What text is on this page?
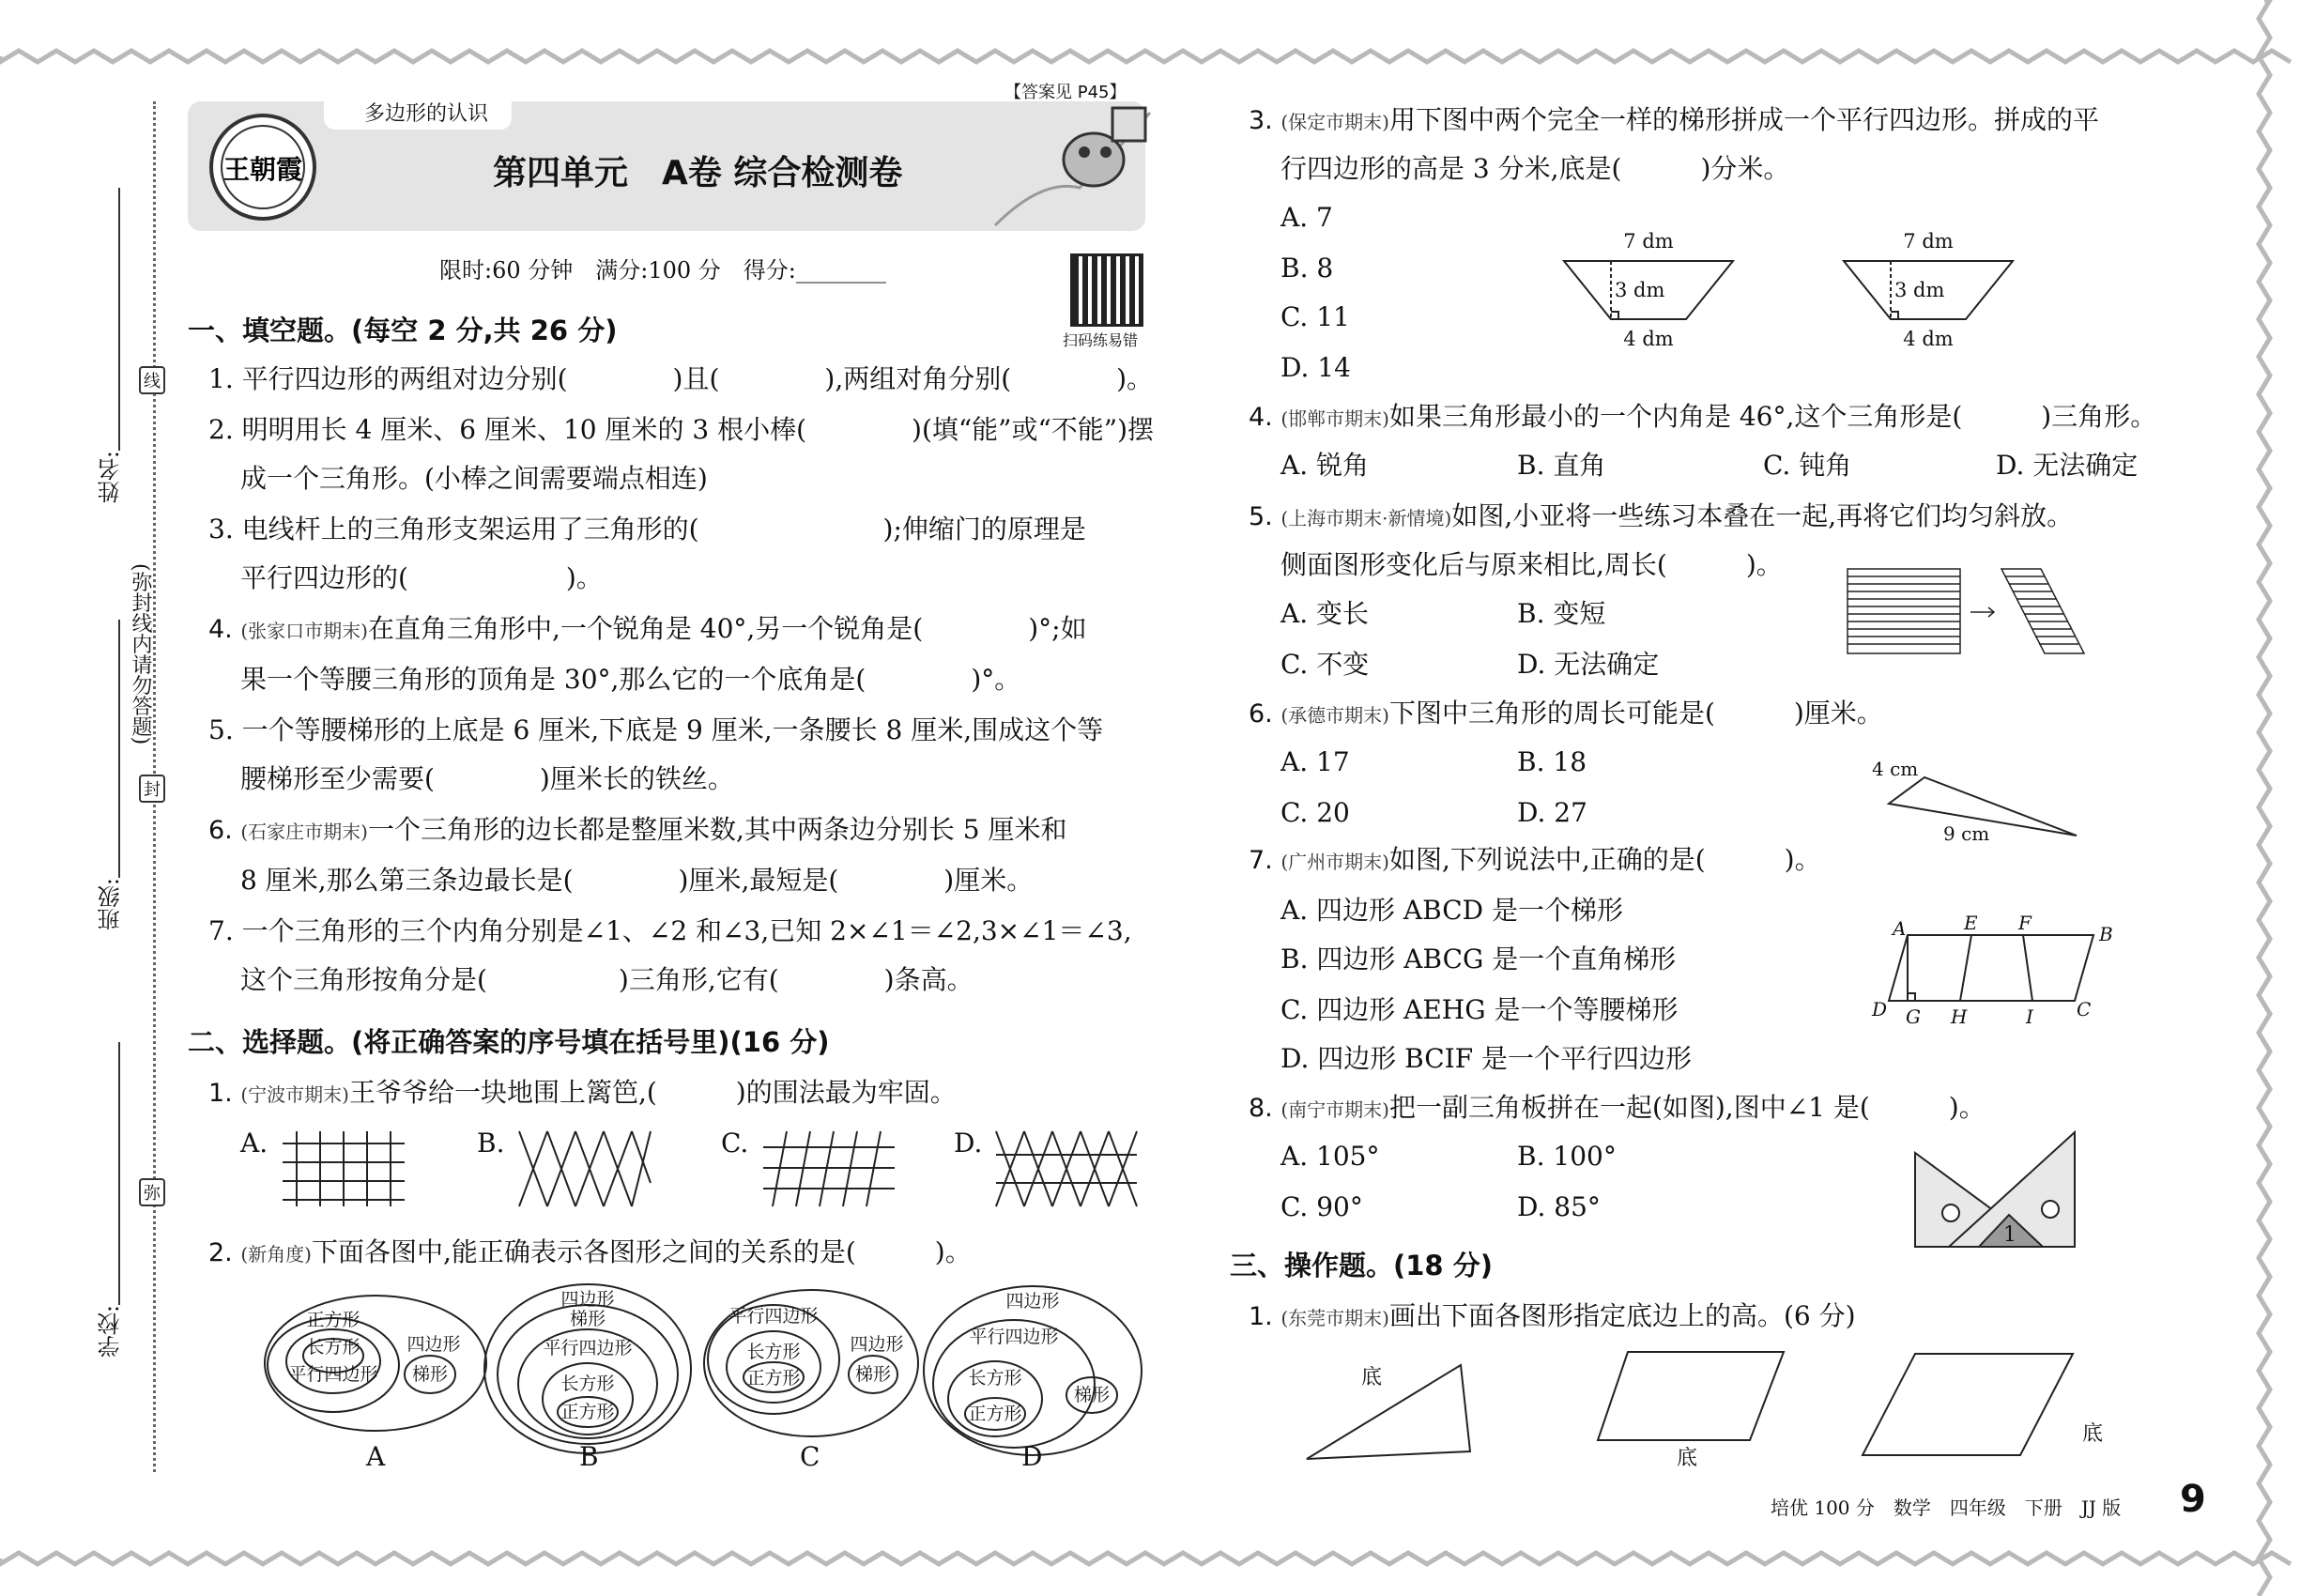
姓名:
班级:
学校:
(弥封线内请勿答题)
线
封
弥
多边形的认识
【答案见 P45】
第四单元　A卷 综合检测卷
王朝霞
限时:60 分钟　满分:100 分　得分:________
扫码练易错
一、填空题。(每空 2 分,共 26 分)
1. 平行四边形的两组对边分别(　　　　)且(　　　　),两组对角分别(　　　　)。
2. 明明用长 4 厘米、6 厘米、10 厘米的 3 根小棒(　　　　)(填“能”或“不能”)摆
成一个三角形。(小棒之间需要端点相连)
3. 电线杆上的三角形支架运用了三角形的(　　　　　　　);伸缩门的原理是
平行四边形的(　　　　　　)。
4. (张家口市期末)在直角三角形中,一个锐角是 40°,另一个锐角是(　　　　)°;如
果一个等腰三角形的顶角是 30°,那么它的一个底角是(　　　　)°。
5. 一个等腰梯形的上底是 6 厘米,下底是 9 厘米,一条腰长 8 厘米,围成这个等
腰梯形至少需要(　　　　)厘米长的铁丝。
6. (石家庄市期末)一个三角形的边长都是整厘米数,其中两条边分别长 5 厘米和
8 厘米,那么第三条边最长是(　　　　)厘米,最短是(　　　　)厘米。
7. 一个三角形的三个内角分别是∠1、∠2 和∠3,已知 2×∠1＝∠2,3×∠1＝∠3,
这个三角形按角分是(　　　　　)三角形,它有(　　　　)条高。
二、选择题。(将正确答案的序号填在括号里)(16 分)
1. (宁波市期末)王爷爷给一块地围上篱笆,(　　　)的围法最为牢固。
A.	B.	C.	D.
2. (新角度)下面各图中,能正确表示各图形之间的关系的是(　　　)。
正方形
长方形
平行四边形
四边形
梯形
四边形
梯形
平行四边形
长方形
正方形
平行四边形
长方形
正方形
四边形
梯形
四边形
平行四边形
长方形
正方形
梯形
A	B	C	D
3. (保定市期末)用下图中两个完全一样的梯形拼成一个平行四边形。拼成的平
行四边形的高是 3 分米,底是(　　　)分米。
A. 7
B. 8
C. 11
D. 14
7 dm
3 dm
4 dm
7 dm
3 dm
4 dm
4. (邯郸市期末)如果三角形最小的一个内角是 46°,这个三角形是(　　　)三角形。
A. 锐角	B. 直角	C. 钝角	D. 无法确定
5. (上海市期末·新情境)如图,小亚将一些练习本叠在一起,再将它们均匀斜放。
侧面图形变化后与原来相比,周长(　　　)。
A. 变长	B. 变短
C. 不变	D. 无法确定
6. (承德市期末)下图中三角形的周长可能是(　　　)厘米。
A. 17	B. 18
C. 20	D. 27
4 cm
9 cm
7. (广州市期末)如图,下列说法中,正确的是(　　　)。
A. 四边形 ABCD 是一个梯形
B. 四边形 ABCG 是一个直角梯形
C. 四边形 AEHG 是一个等腰梯形
D. 四边形 BCIF 是一个平行四边形
A	E F	B
D G H	I C
8. (南宁市期末)把一副三角板拼在一起(如图),图中∠1 是(　　　)。
A. 105°	B. 100°
C. 90°	D. 85°
1
三、操作题。(18 分)
1. (东莞市期末)画出下面各图形指定底边上的高。(6 分)
底
底
底
培优 100 分　数学　四年级　下册　JJ 版 9
